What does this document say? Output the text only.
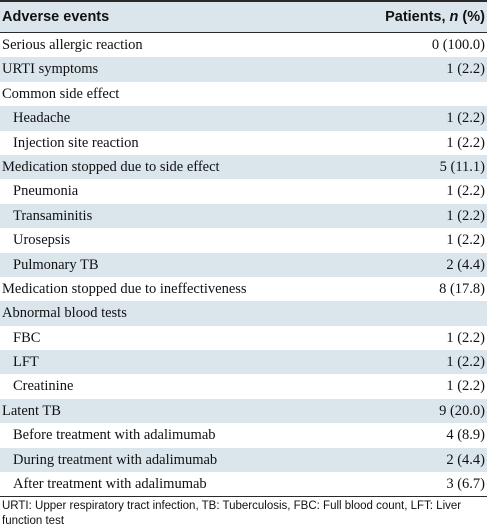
Adverse events	Patients, n (%)
Serious allergic reaction	0 (100.0)
URTI symptoms	1 (2.2)
Common side effect
Headache	1 (2.2)
Injection site reaction	1 (2.2)
Medication stopped due to side effect	5 (11.1)
Pneumonia	1 (2.2)
Transaminitis	1 (2.2)
Urosepsis	1 (2.2)
Pulmonary TB	2 (4.4)
Medication stopped due to ineffectiveness	8 (17.8)
Abnormal blood tests
FBC	1 (2.2)
LFT	1 (2.2)
Creatinine	1 (2.2)
Latent TB	9 (20.0)
Before treatment with adalimumab	4 (8.9)
During treatment with adalimumab	2 (4.4)
After treatment with adalimumab	3 (6.7)
URTI: Upper respiratory tract infection, TB: Tuberculosis, FBC: Full blood count, LFT: Liver function test
